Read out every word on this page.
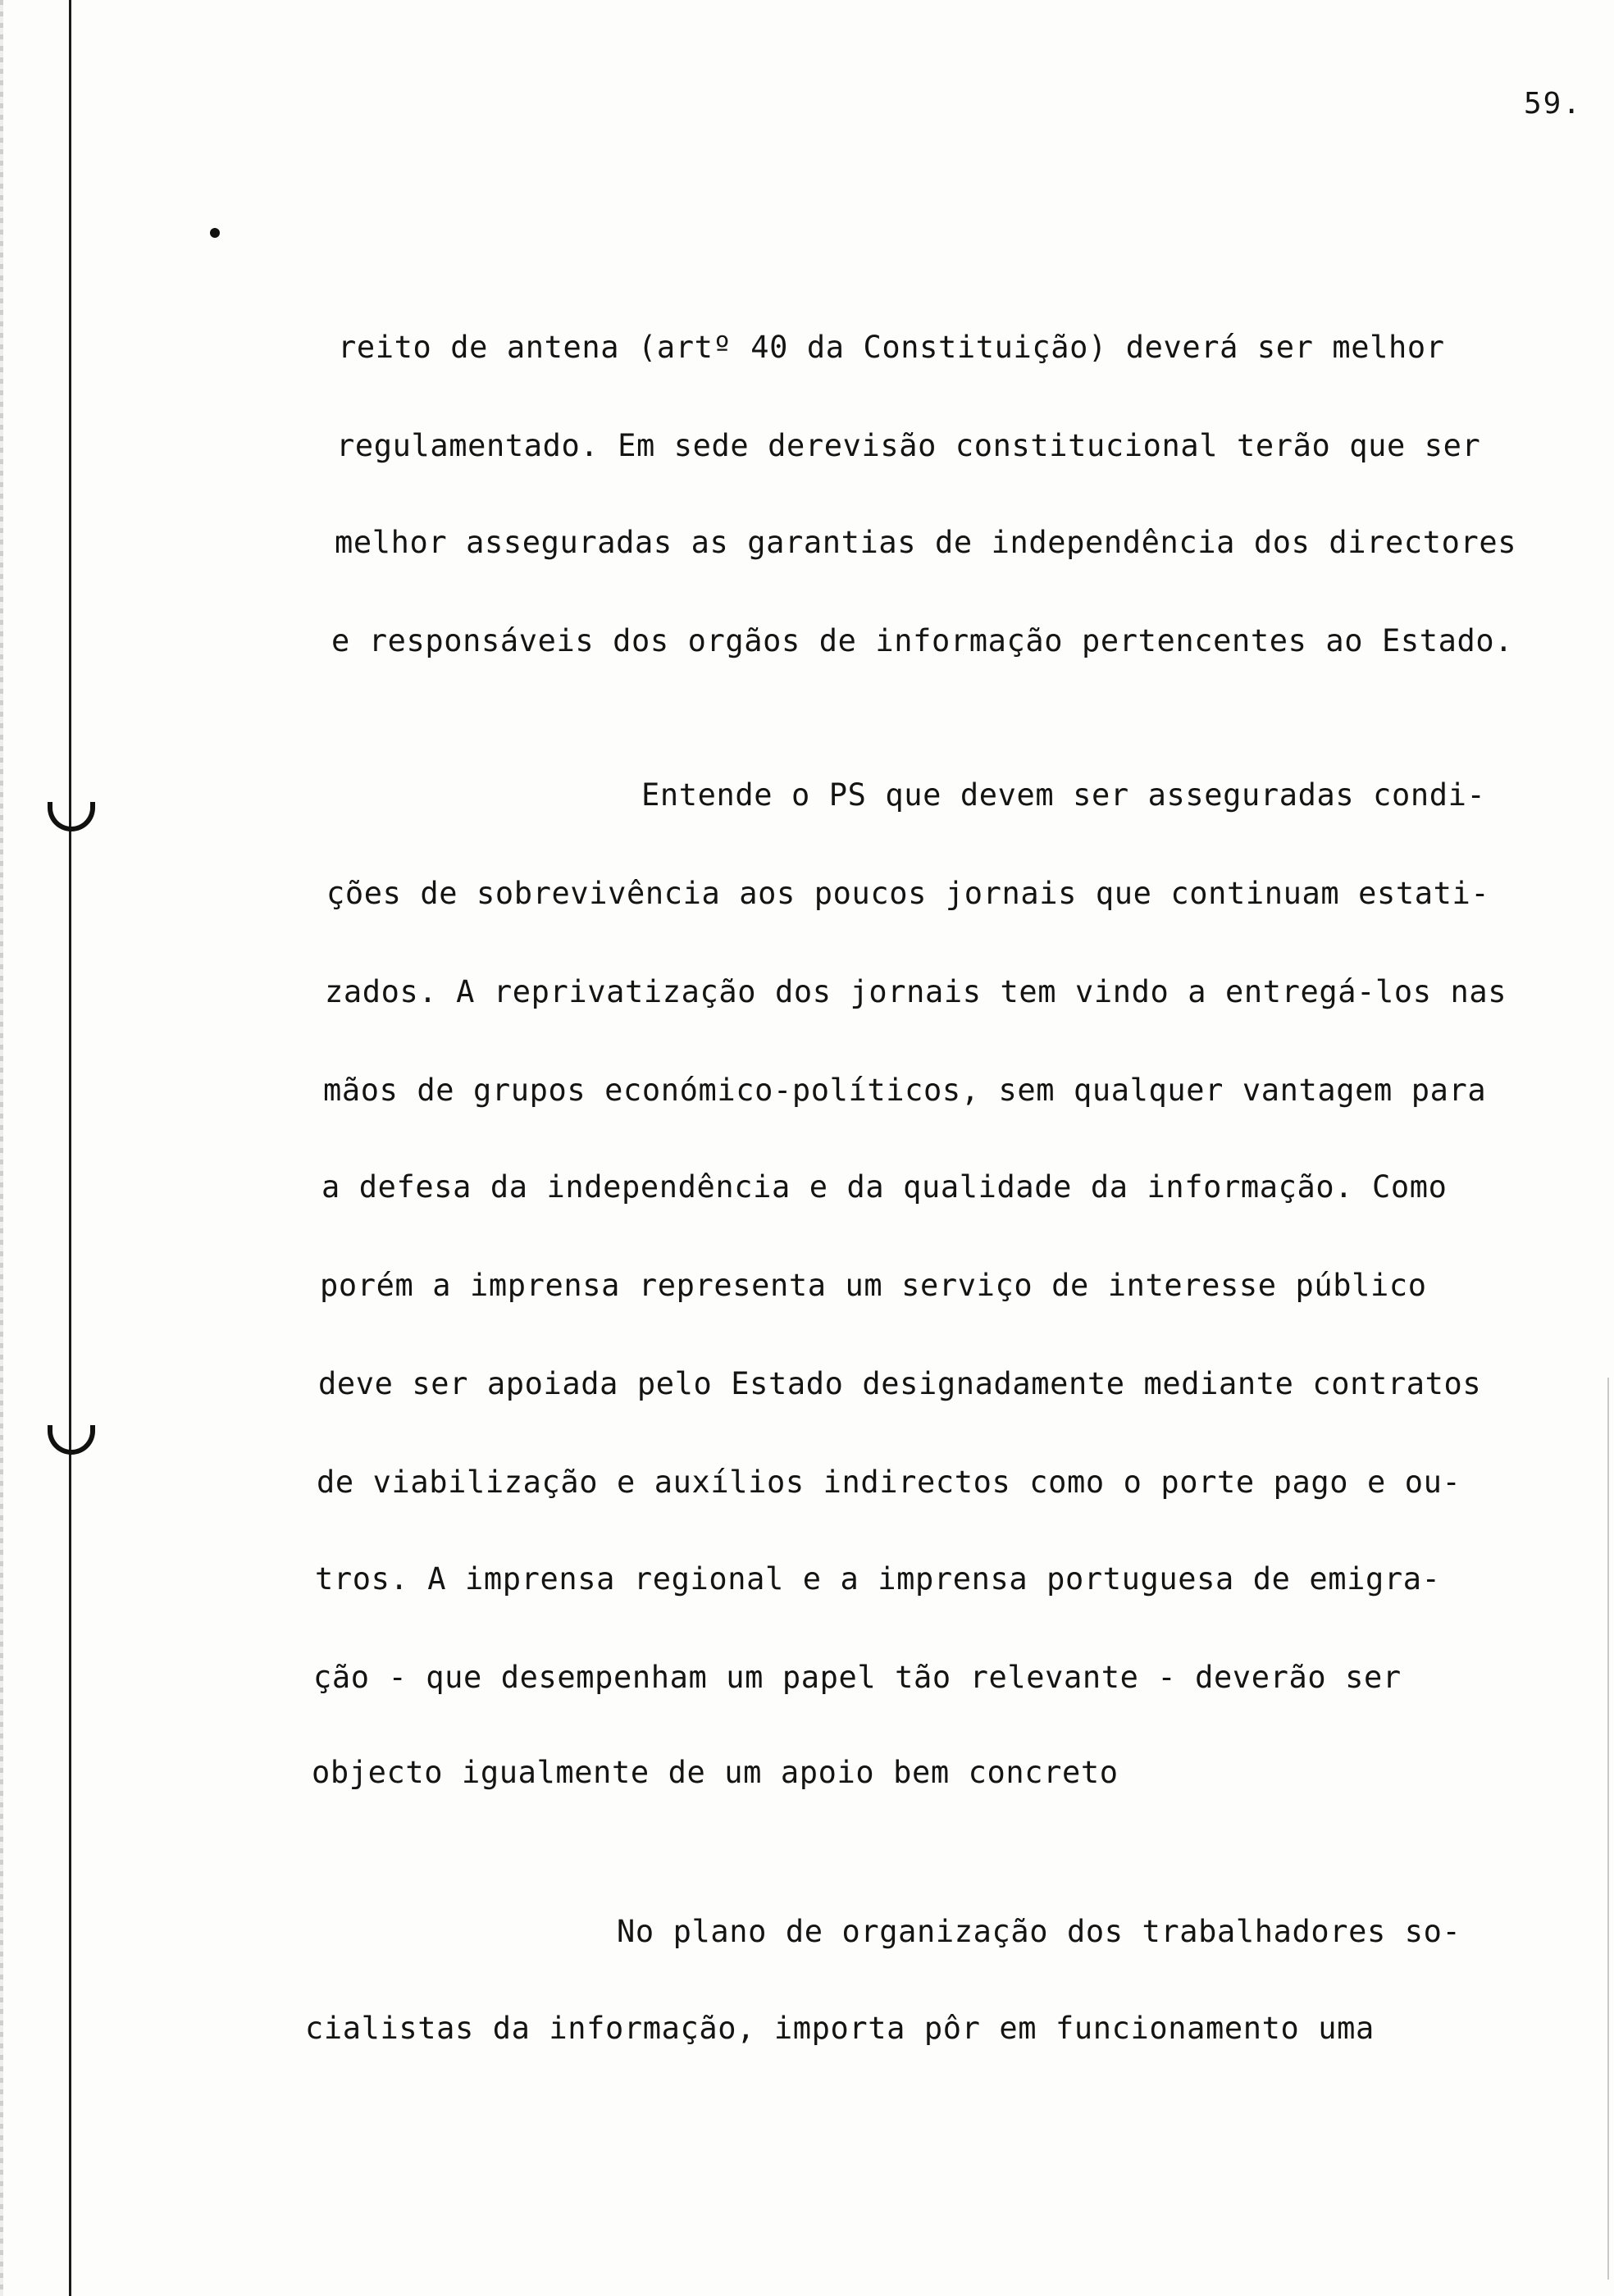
59.
reito de antena (artº 40 da Constituição) deverá ser melhor
regulamentado. Em sede derevisão constitucional terão que ser
melhor asseguradas as garantias de independência dos directores
e responsáveis dos orgãos de informação pertencentes ao Estado.
Entende o PS que devem ser asseguradas condi-
ções de sobrevivência aos poucos jornais que continuam estati-
zados. A reprivatização dos jornais tem vindo a entregá-los nas
mãos de grupos económico-políticos, sem qualquer vantagem para
a defesa da independência e da qualidade da informação. Como
porém a imprensa representa um serviço de interesse público
deve ser apoiada pelo Estado designadamente mediante contratos
de viabilização e auxílios indirectos como o porte pago e ou-
tros. A imprensa regional e a imprensa portuguesa de emigra-
ção - que desempenham um papel tão relevante - deverão ser
objecto igualmente de um apoio bem concreto
No plano de organização dos trabalhadores so-
cialistas da informação, importa pôr em funcionamento uma
